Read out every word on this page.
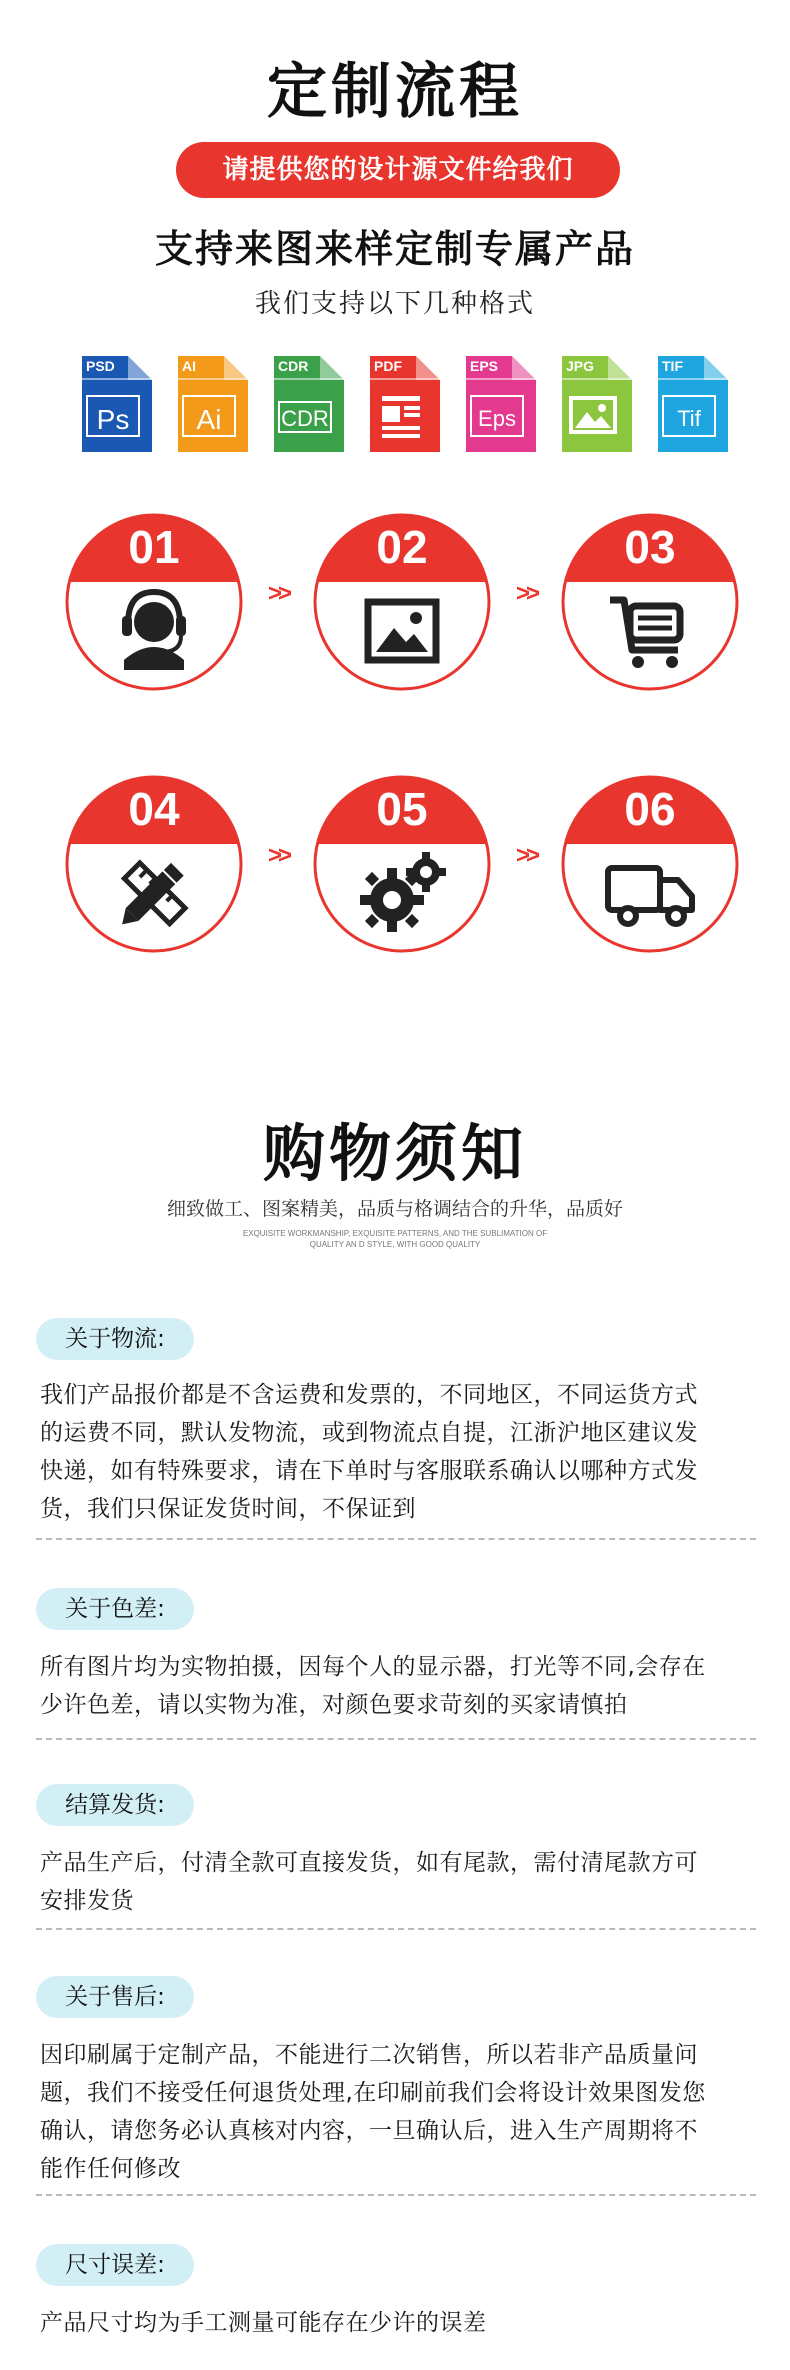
定制流程
请提供您的设计源文件给我们
支持来图来样定制专属产品
我们支持以下几种格式
PSD
Ps
AI
Ai
CDR
CDR
PDF	EPS
Eps
JPG	TIF
Tif
01	02	03
04	05	06
>>	>>
>>	>>
购物须知
细致做工、图案精美，品质与格调结合的升华，品质好
EXQUISITE WORKMANSHIP, EXQUISITE PATTERNS, AND THE SUBLIMATION OF QUALITY AN D STYLE, WITH GOOD QUALITY
关于物流:
我们产品报价都是不含运费和发票的，不同地区，不同运货方式
的运费不同，默认发物流，或到物流点自提，江浙沪地区建议发
快递，如有特殊要求，请在下单时与客服联系确认以哪种方式发
货，我们只保证发货时间，不保证到
关于色差:
所有图片均为实物拍摄，因每个人的显示器，打光等不同,会存在
少许色差，请以实物为准，对颜色要求苛刻的买家请慎拍
结算发货:
产品生产后，付清全款可直接发货，如有尾款，需付清尾款方可
安排发货
关于售后:
因印刷属于定制产品，不能进行二次销售，所以若非产品质量问
题，我们不接受任何退货处理,在印刷前我们会将设计效果图发您
确认，请您务必认真核对内容，一旦确认后，进入生产周期将不
能作任何修改
尺寸误差:
产品尺寸均为手工测量可能存在少许的误差
